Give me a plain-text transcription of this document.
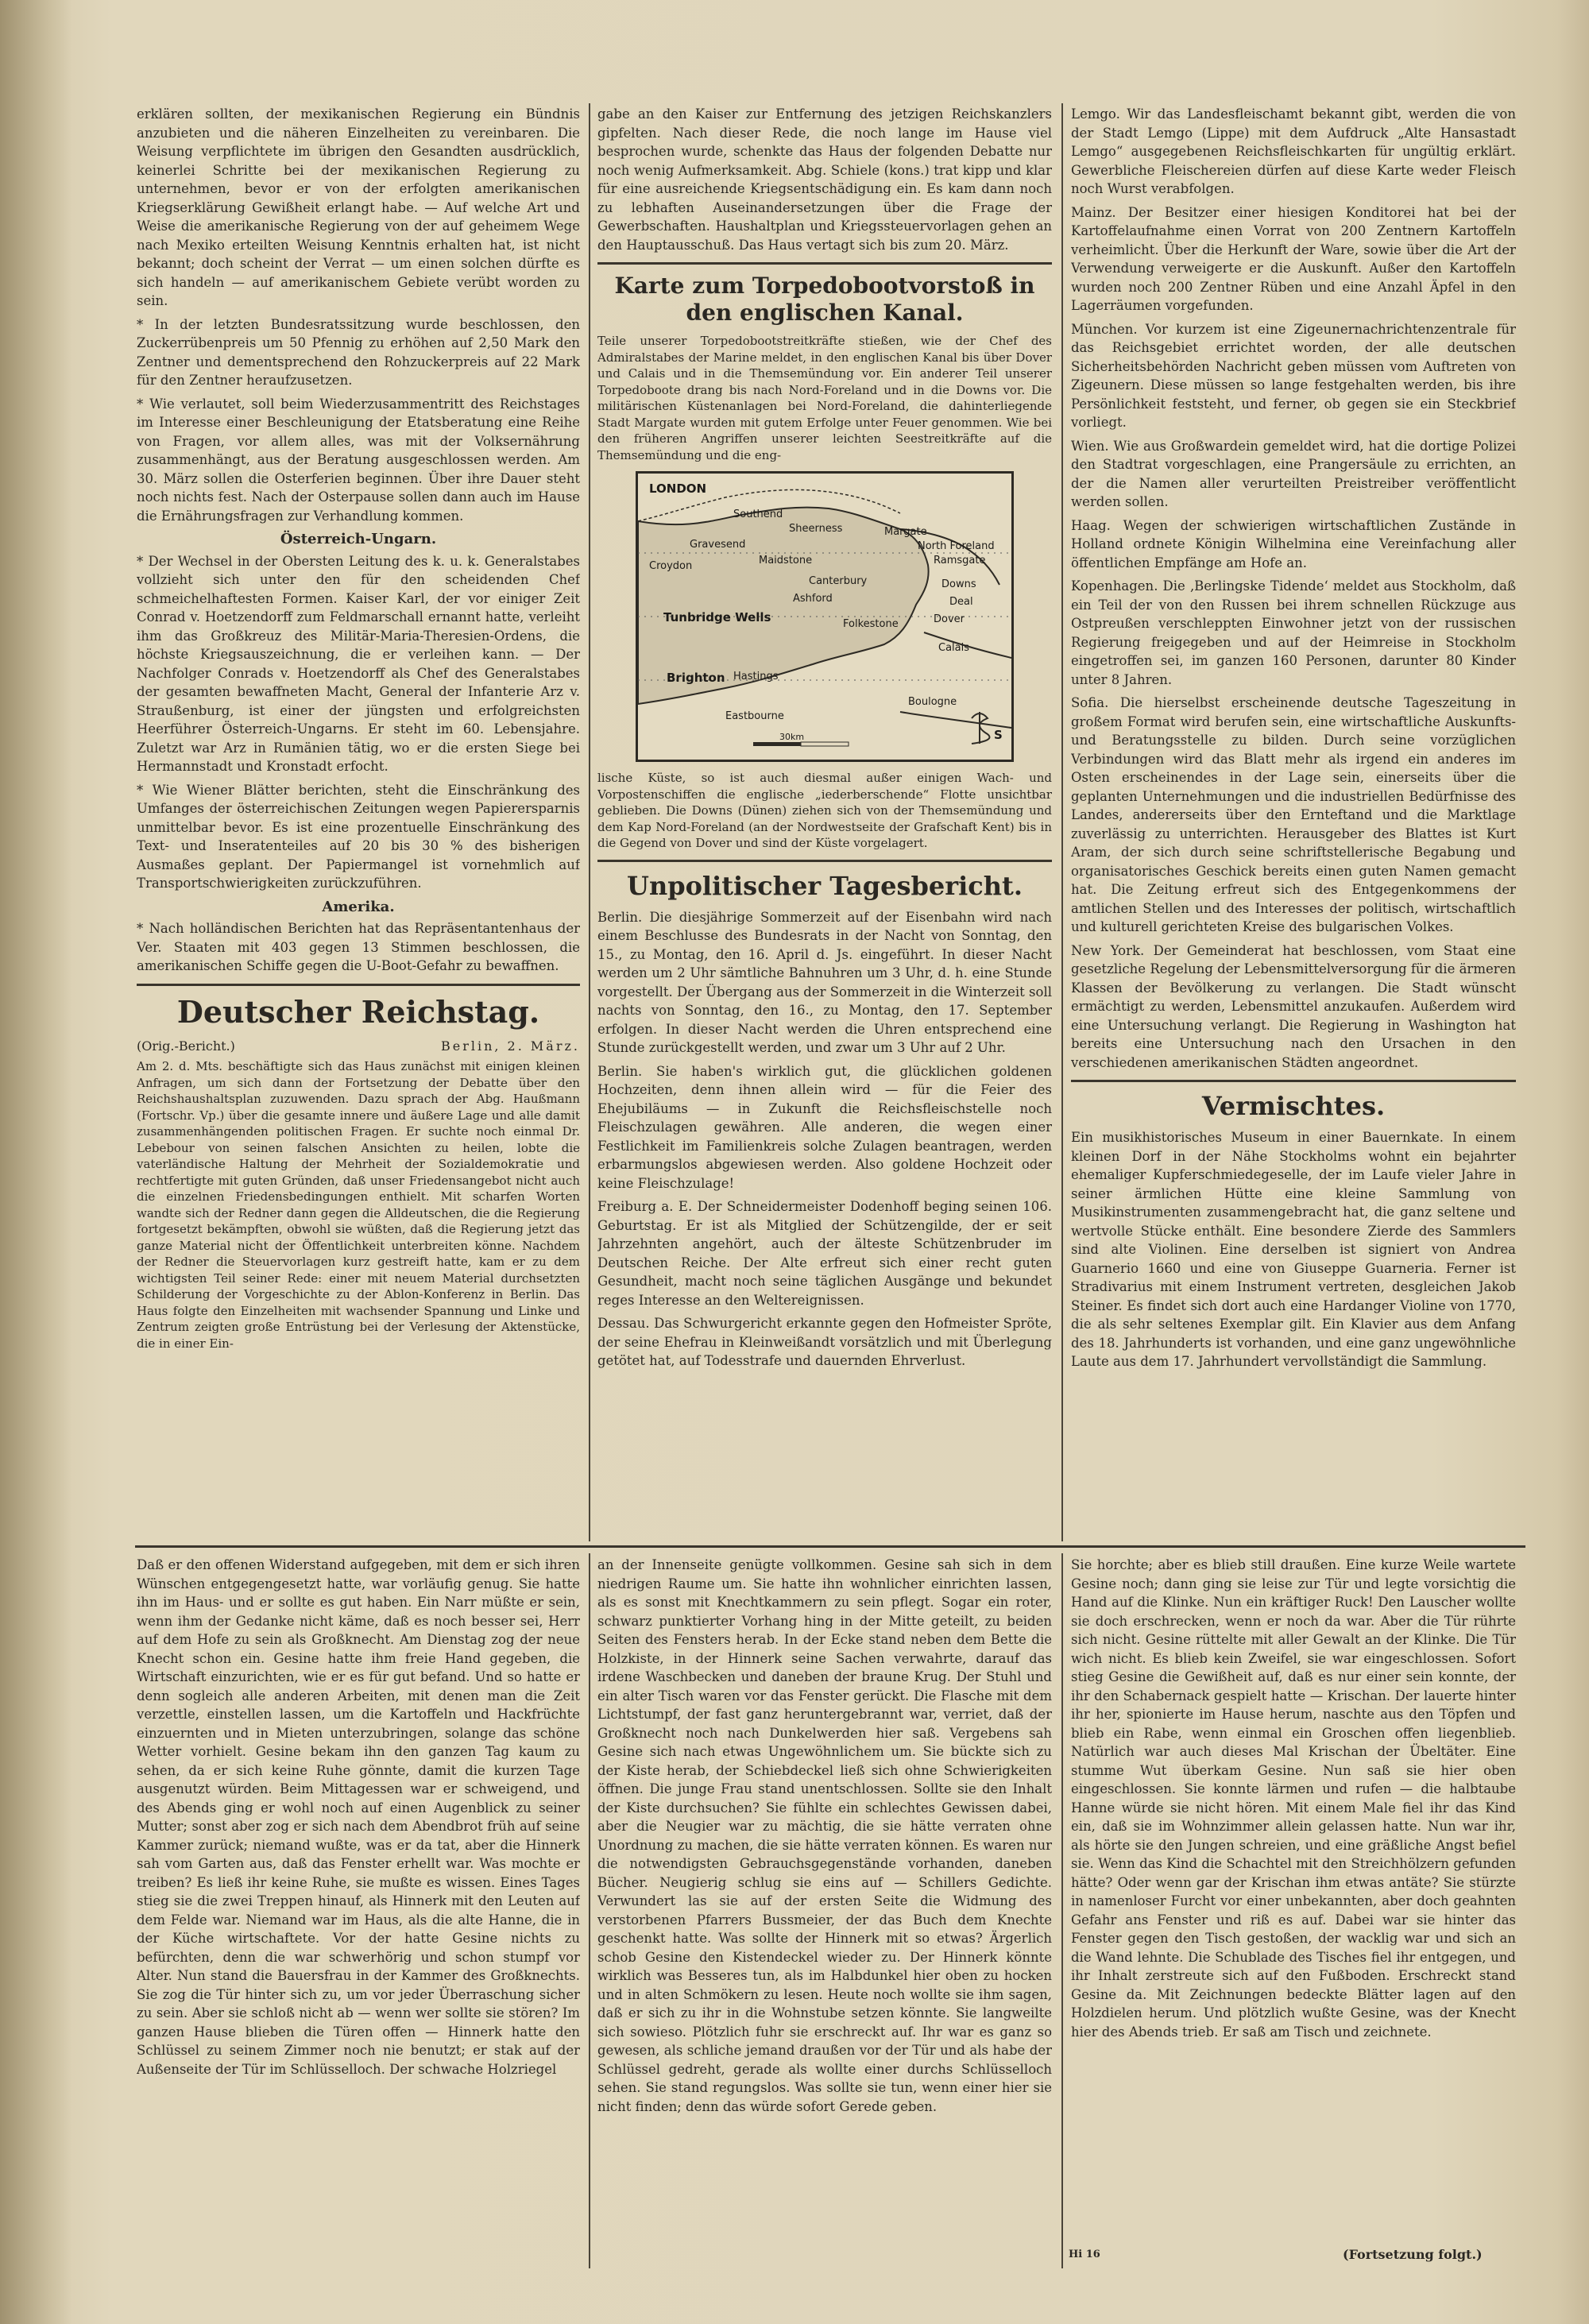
erklären sollten, der mexikanischen Regierung ein Bündnis anzubieten und die näheren Einzelheiten zu vereinbaren. Die Weisung verpflichtete im übrigen den Gesandten ausdrücklich, keinerlei Schritte bei der mexikanischen Regierung zu unternehmen, bevor er von der erfolgten amerikanischen Kriegserklärung Gewißheit erlangt habe. — Auf welche Art und Weise die amerikanische Regierung von der auf geheimem Wege nach Mexiko erteilten Weisung Kenntnis erhalten hat, ist nicht bekannt; doch scheint der Verrat — um einen solchen dürfte es sich handeln — auf amerikanischem Gebiete verübt worden zu sein.

* In der letzten Bundesratssitzung wurde beschlossen, den Zuckerrübenpreis um 50 Pfennig zu erhöhen auf 2,50 Mark den Zentner und dementsprechend den Rohzuckerpreis auf 22 Mark für den Zentner heraufzusetzen.

* Wie verlautet, soll beim Wiederzusammentritt des Reichstages im Interesse einer Beschleunigung der Etatsberatung eine Reihe von Fragen, vor allem alles, was mit der Volksernährung zusammenhängt, aus der Beratung ausgeschlossen werden. Am 30. März sollen die Osterferien beginnen. Über ihre Dauer steht noch nichts fest. Nach der Osterpause sollen dann auch im Hause die Ernährungsfragen zur Verhandlung kommen.

Österreich-Ungarn.

* Der Wechsel in der Obersten Leitung des k. u. k. Generalstabes vollzieht sich unter den für den scheidenden Chef schmeichelhaftesten Formen. Kaiser Karl, der vor einiger Zeit Conrad v. Hoetzendorff zum Feldmarschall ernannt hatte, verleiht ihm das Großkreuz des Militär-Maria-Theresien-Ordens, die höchste Kriegsauszeichnung, die er verleihen kann. — Der Nachfolger Conrads v. Hoetzendorff als Chef des Generalstabes der gesamten bewaffneten Macht, General der Infanterie Arz v. Straußenburg, ist einer der jüngsten und erfolgreichsten Heerführer Österreich-Ungarns. Er steht im 60. Lebensjahre. Zuletzt war Arz in Rumänien tätig, wo er die ersten Siege bei Hermannstadt und Kronstadt erfocht.

* Wie Wiener Blätter berichten, steht die Einschränkung des Umfanges der österreichischen Zeitungen wegen Papierersparnis unmittelbar bevor. Es ist eine prozentuelle Einschränkung des Text- und Inseratenteiles auf 20 bis 30 % des bisherigen Ausmaßes geplant. Der Papiermangel ist vornehmlich auf Transportschwierigkeiten zurückzuführen.

Amerika.

* Nach holländischen Berichten hat das Repräsentantenhaus der Ver. Staaten mit 403 gegen 13 Stimmen beschlossen, die amerikanischen Schiffe gegen die U-Boot-Gefahr zu bewaffnen.

Deutscher Reichstag.
(Orig.-Bericht.)	Berlin, 2. März.

Am 2. d. Mts. beschäftigte sich das Haus zunächst mit einigen kleinen Anfragen, um sich dann der Fortsetzung der Debatte über den Reichshaushaltsplan zuzuwenden. Dazu sprach der Abg. Haußmann (Fortschr. Vp.) über die gesamte innere und äußere Lage und alle damit zusammenhängenden politischen Fragen. Er suchte noch einmal Dr. Lebebour von seinen falschen Ansichten zu heilen, lobte die vaterländische Haltung der Mehrheit der Sozialdemokratie und rechtfertigte mit guten Gründen, daß unser Friedensangebot nicht auch die einzelnen Friedensbedingungen enthielt. Mit scharfen Worten wandte sich der Redner dann gegen die Alldeutschen, die die Regierung fortgesetzt bekämpften, obwohl sie wüßten, daß die Regierung jetzt das ganze Material nicht der Öffentlichkeit unterbreiten könne. Nachdem der Redner die Steuervorlagen kurz gestreift hatte, kam er zu dem wichtigsten Teil seiner Rede: einer mit neuem Material durchsetzten Schilderung der Vorgeschichte zu der Ablon-Konferenz in Berlin. Das Haus folgte den Einzelheiten mit wachsender Spannung und Linke und Zentrum zeigten große Entrüstung bei der Verlesung der Aktenstücke, die in einer Ein-

gabe an den Kaiser zur Entfernung des jetzigen Reichskanzlers gipfelten. Nach dieser Rede, die noch lange im Hause viel besprochen wurde, schenkte das Haus der folgenden Debatte nur noch wenig Aufmerksamkeit. Abg. Schiele (kons.) trat kipp und klar für eine ausreichende Kriegsentschädigung ein. Es kam dann noch zu lebhaften Auseinandersetzungen über die Frage der Gewerbschaften. Haushaltplan und Kriegssteuervorlagen gehen an den Hauptausschuß. Das Haus vertagt sich bis zum 20. März.

Karte zum Torpedobootvorstoß in den englischen Kanal.

Teile unserer Torpedobootstreitkräfte stießen, wie der Chef des Admiralstabes der Marine meldet, in den englischen Kanal bis über Dover und Calais und in die Themsemündung vor. Ein anderer Teil unserer Torpedoboote drang bis nach Nord-Foreland und in die Downs vor. Die militärischen Küstenanlagen bei Nord-Foreland, die dahinterliegende Stadt Margate wurden mit gutem Erfolge unter Feuer genommen. Wie bei den früheren Angriffen unserer leichten Seestreitkräfte auf die Themsemündung und die eng-

LONDON
Southend
Sheerness	Margate
North Foreland
Gravesend
Ramsgate
Croydon	Maidstone
Downs
Canterbury
Deal
Ashford
Dover
Tunbridge Wells	Folkestone
Calais
Brighton Hastings
Eastbourne
Boulogne
S
30km

lische Küste, so ist auch diesmal außer einigen Wach- und Vorpostenschiffen die englische „iederberschende“ Flotte unsichtbar geblieben. Die Downs (Dünen) ziehen sich von der Themsemündung und dem Kap Nord-Foreland (an der Nordwestseite der Grafschaft Kent) bis in die Gegend von Dover und sind der Küste vorgelagert.

Unpolitischer Tagesbericht.

Berlin. Die diesjährige Sommerzeit auf der Eisenbahn wird nach einem Beschlusse des Bundesrats in der Nacht von Sonntag, den 15., zu Montag, den 16. April d. Js. eingeführt. In dieser Nacht werden um 2 Uhr sämtliche Bahnuhren um 3 Uhr, d. h. eine Stunde vorgestellt. Der Übergang aus der Sommerzeit in die Winterzeit soll nachts von Sonntag, den 16., zu Montag, den 17. September erfolgen. In dieser Nacht werden die Uhren entsprechend eine Stunde zurückgestellt werden, und zwar um 3 Uhr auf 2 Uhr.

Berlin. Sie haben's wirklich gut, die glücklichen goldenen Hochzeiten, denn ihnen allein wird — für die Feier des Ehejubiläums — in Zukunft die Reichsfleischstelle noch Fleischzulagen gewähren. Alle anderen, die wegen einer Festlichkeit im Familienkreis solche Zulagen beantragen, werden erbarmungslos abgewiesen werden. Also goldene Hochzeit oder keine Fleischzulage!

Freiburg a. E. Der Schneidermeister Dodenhoff beging seinen 106. Geburtstag. Er ist als Mitglied der Schützengilde, der er seit Jahrzehnten angehört, auch der älteste Schützenbruder im Deutschen Reiche. Der Alte erfreut sich einer recht guten Gesundheit, macht noch seine täglichen Ausgänge und bekundet reges Interesse an den Weltereignissen.

Dessau. Das Schwurgericht erkannte gegen den Hofmeister Spröte, der seine Ehefrau in Kleinweißandt vorsätzlich und mit Überlegung getötet hat, auf Todesstrafe und dauernden Ehrverlust.

Lemgo. Wir das Landesfleischamt bekannt gibt, werden die von der Stadt Lemgo (Lippe) mit dem Aufdruck „Alte Hansastadt Lemgo“ ausgegebenen Reichsfleischkarten für ungültig erklärt. Gewerbliche Fleischereien dürfen auf diese Karte weder Fleisch noch Wurst verabfolgen.

Mainz. Der Besitzer einer hiesigen Konditorei hat bei der Kartoffelaufnahme einen Vorrat von 200 Zentnern Kartoffeln verheimlicht. Über die Herkunft der Ware, sowie über die Art der Verwendung verweigerte er die Auskunft. Außer den Kartoffeln wurden noch 200 Zentner Rüben und eine Anzahl Äpfel in den Lagerräumen vorgefunden.

München. Vor kurzem ist eine Zigeunernachrichtenzentrale für das Reichsgebiet errichtet worden, der alle deutschen Sicherheitsbehörden Nachricht geben müssen vom Auftreten von Zigeunern. Diese müssen so lange festgehalten werden, bis ihre Persönlichkeit feststeht, und ferner, ob gegen sie ein Steckbrief vorliegt.

Wien. Wie aus Großwardein gemeldet wird, hat die dortige Polizei den Stadtrat vorgeschlagen, eine Prangersäule zu errichten, an der die Namen aller verurteilten Preistreiber veröffentlicht werden sollen.

Haag. Wegen der schwierigen wirtschaftlichen Zustände in Holland ordnete Königin Wilhelmina eine Vereinfachung aller öffentlichen Empfänge am Hofe an.

Kopenhagen. Die ‚Berlingske Tidende‘ meldet aus Stockholm, daß ein Teil der von den Russen bei ihrem schnellen Rückzuge aus Ostpreußen verschleppten Einwohner jetzt von der russischen Regierung freigegeben und auf der Heimreise in Stockholm eingetroffen sei, im ganzen 160 Personen, darunter 80 Kinder unter 8 Jahren.

Sofia. Die hierselbst erscheinende deutsche Tageszeitung in großem Format wird berufen sein, eine wirtschaftliche Auskunfts- und Beratungsstelle zu bilden. Durch seine vorzüglichen Verbindungen wird das Blatt mehr als irgend ein anderes im Osten erscheinendes in der Lage sein, einerseits über die geplanten Unternehmungen und die industriellen Bedürfnisse des Landes, andererseits über den Ernteftand und die Marktlage zuverlässig zu unterrichten. Herausgeber des Blattes ist Kurt Aram, der sich durch seine schriftstellerische Begabung und organisatorisches Geschick bereits einen guten Namen gemacht hat. Die Zeitung erfreut sich des Entgegenkommens der amtlichen Stellen und des Interesses der politisch, wirtschaftlich und kulturell gerichteten Kreise des bulgarischen Volkes.

New York. Der Gemeinderat hat beschlossen, vom Staat eine gesetzliche Regelung der Lebensmittelversorgung für die ärmeren Klassen der Bevölkerung zu verlangen. Die Stadt wünscht ermächtigt zu werden, Lebensmittel anzukaufen. Außerdem wird eine Untersuchung verlangt. Die Regierung in Washington hat bereits eine Untersuchung nach den Ursachen in den verschiedenen amerikanischen Städten angeordnet.

Vermischtes.

Ein musikhistorisches Museum in einer Bauernkate. In einem kleinen Dorf in der Nähe Stockholms wohnt ein bejahrter ehemaliger Kupferschmiedegeselle, der im Laufe vieler Jahre in seiner ärmlichen Hütte eine kleine Sammlung von Musikinstrumenten zusammengebracht hat, die ganz seltene und wertvolle Stücke enthält. Eine besondere Zierde des Sammlers sind alte Violinen. Eine derselben ist signiert von Andrea Guarnerio 1660 und eine von Giuseppe Guarneria. Ferner ist Stradivarius mit einem Instrument vertreten, desgleichen Jakob Steiner. Es findet sich dort auch eine Hardanger Violine von 1770, die als sehr seltenes Exemplar gilt. Ein Klavier aus dem Anfang des 18. Jahrhunderts ist vorhanden, und eine ganz ungewöhnliche Laute aus dem 17. Jahrhundert vervollständigt die Sammlung.

Daß er den offenen Widerstand aufgegeben, mit dem er sich ihren Wünschen entgegengesetzt hatte, war vorläufig genug. Sie hatte ihn im Haus- und er sollte es gut haben. Ein Narr müßte er sein, wenn ihm der Gedanke nicht käme, daß es noch besser sei, Herr auf dem Hofe zu sein als Großknecht. Am Dienstag zog der neue Knecht schon ein. Gesine hatte ihm freie Hand gegeben, die Wirtschaft einzurichten, wie er es für gut befand. Und so hatte er denn sogleich alle anderen Arbeiten, mit denen man die Zeit verzettle, einstellen lassen, um die Kartoffeln und Hackfrüchte einzuernten und in Mieten unterzubringen, solange das schöne Wetter vorhielt. Gesine bekam ihn den ganzen Tag kaum zu sehen, da er sich keine Ruhe gönnte, damit die kurzen Tage ausgenutzt würden. Beim Mittagessen war er schweigend, und des Abends ging er wohl noch auf einen Augenblick zu seiner Mutter; sonst aber zog er sich nach dem Abendbrot früh auf seine Kammer zurück; niemand wußte, was er da tat, aber die Hinnerk sah vom Garten aus, daß das Fenster erhellt war. Was mochte er treiben? Es ließ ihr keine Ruhe, sie mußte es wissen. Eines Tages stieg sie die zwei Treppen hinauf, als Hinnerk mit den Leuten auf dem Felde war. Niemand war im Haus, als die alte Hanne, die in der Küche wirtschaftete. Vor der hatte Gesine nichts zu befürchten, denn die war schwerhörig und schon stumpf vor Alter. Nun stand die Bauersfrau in der Kammer des Großknechts. Sie zog die Tür hinter sich zu, um vor jeder Überraschung sicher zu sein. Aber sie schloß nicht ab — wenn wer sollte sie stören? Im ganzen Hause blieben die Türen offen — Hinnerk hatte den Schlüssel zu seinem Zimmer noch nie benutzt; er stak auf der Außenseite der Tür im Schlüsselloch. Der schwache Holzriegel

an der Innenseite genügte vollkommen. Gesine sah sich in dem niedrigen Raume um. Sie hatte ihn wohnlicher einrichten lassen, als es sonst mit Knechtkammern zu sein pflegt. Sogar ein roter, schwarz punktierter Vorhang hing in der Mitte geteilt, zu beiden Seiten des Fensters herab. In der Ecke stand neben dem Bette die Holzkiste, in der Hinnerk seine Sachen verwahrte, darauf das irdene Waschbecken und daneben der braune Krug. Der Stuhl und ein alter Tisch waren vor das Fenster gerückt. Die Flasche mit dem Lichtstumpf, der fast ganz heruntergebrannt war, verriet, daß der Großknecht noch nach Dunkelwerden hier saß. Vergebens sah Gesine sich nach etwas Ungewöhnlichem um. Sie bückte sich zu der Kiste herab, der Schiebdeckel ließ sich ohne Schwierigkeiten öffnen. Die junge Frau stand unentschlossen. Sollte sie den Inhalt der Kiste durchsuchen? Sie fühlte ein schlechtes Gewissen dabei, aber die Neugier war zu mächtig, die sie hätte verraten ohne Unordnung zu machen, die sie hätte verraten können. Es waren nur die notwendigsten Gebrauchsgegenstände vorhanden, daneben Bücher. Neugierig schlug sie eins auf — Schillers Gedichte. Verwundert las sie auf der ersten Seite die Widmung des verstorbenen Pfarrers Bussmeier, der das Buch dem Knechte geschenkt hatte. Was sollte der Hinnerk mit so etwas? Ärgerlich schob Gesine den Kistendeckel wieder zu. Der Hinnerk könnte wirklich was Besseres tun, als im Halbdunkel hier oben zu hocken und in alten Schmökern zu lesen. Heute noch wollte sie ihm sagen, daß er sich zu ihr in die Wohnstube setzen könnte. Sie langweilte sich sowieso. Plötzlich fuhr sie erschreckt auf. Ihr war es ganz so gewesen, als schliche jemand draußen vor der Tür und als habe der Schlüssel gedreht, gerade als wollte einer durchs Schlüsselloch sehen. Sie stand regungslos. Was sollte sie tun, wenn einer hier sie nicht finden; denn das würde sofort Gerede geben.

Sie horchte; aber es blieb still draußen. Eine kurze Weile wartete Gesine noch; dann ging sie leise zur Tür und legte vorsichtig die Hand auf die Klinke. Nun ein kräftiger Ruck! Den Lauscher wollte sie doch erschrecken, wenn er noch da war. Aber die Tür rührte sich nicht. Gesine rüttelte mit aller Gewalt an der Klinke. Die Tür wich nicht. Es blieb kein Zweifel, sie war eingeschlossen. Sofort stieg Gesine die Gewißheit auf, daß es nur einer sein konnte, der ihr den Schabernack gespielt hatte — Krischan. Der lauerte hinter ihr her, spionierte im Hause herum, naschte aus den Töpfen und blieb ein Rabe, wenn einmal ein Groschen offen liegenblieb. Natürlich war auch dieses Mal Krischan der Übeltäter. Eine stumme Wut überkam Gesine. Nun saß sie hier oben eingeschlossen. Sie konnte lärmen und rufen — die halbtaube Hanne würde sie nicht hören. Mit einem Male fiel ihr das Kind ein, daß sie im Wohnzimmer allein gelassen hatte. Nun war ihr, als hörte sie den Jungen schreien, und eine gräßliche Angst befiel sie. Wenn das Kind die Schachtel mit den Streichhölzern gefunden hätte? Oder wenn gar der Krischan ihm etwas antäte? Sie stürzte in namenloser Furcht vor einer unbekannten, aber doch geahnten Gefahr ans Fenster und riß es auf. Dabei war sie hinter das Fenster gegen den Tisch gestoßen, der wacklig war und sich an die Wand lehnte. Die Schublade des Tisches fiel ihr entgegen, und ihr Inhalt zerstreute sich auf den Fußboden. Erschreckt stand Gesine da. Mit Zeichnungen bedeckte Blätter lagen auf den Holzdielen herum. Und plötzlich wußte Gesine, was der Knecht hier des Abends trieb. Er saß am Tisch und zeichnete.

Hi 16	(Fortsetzung folgt.)
